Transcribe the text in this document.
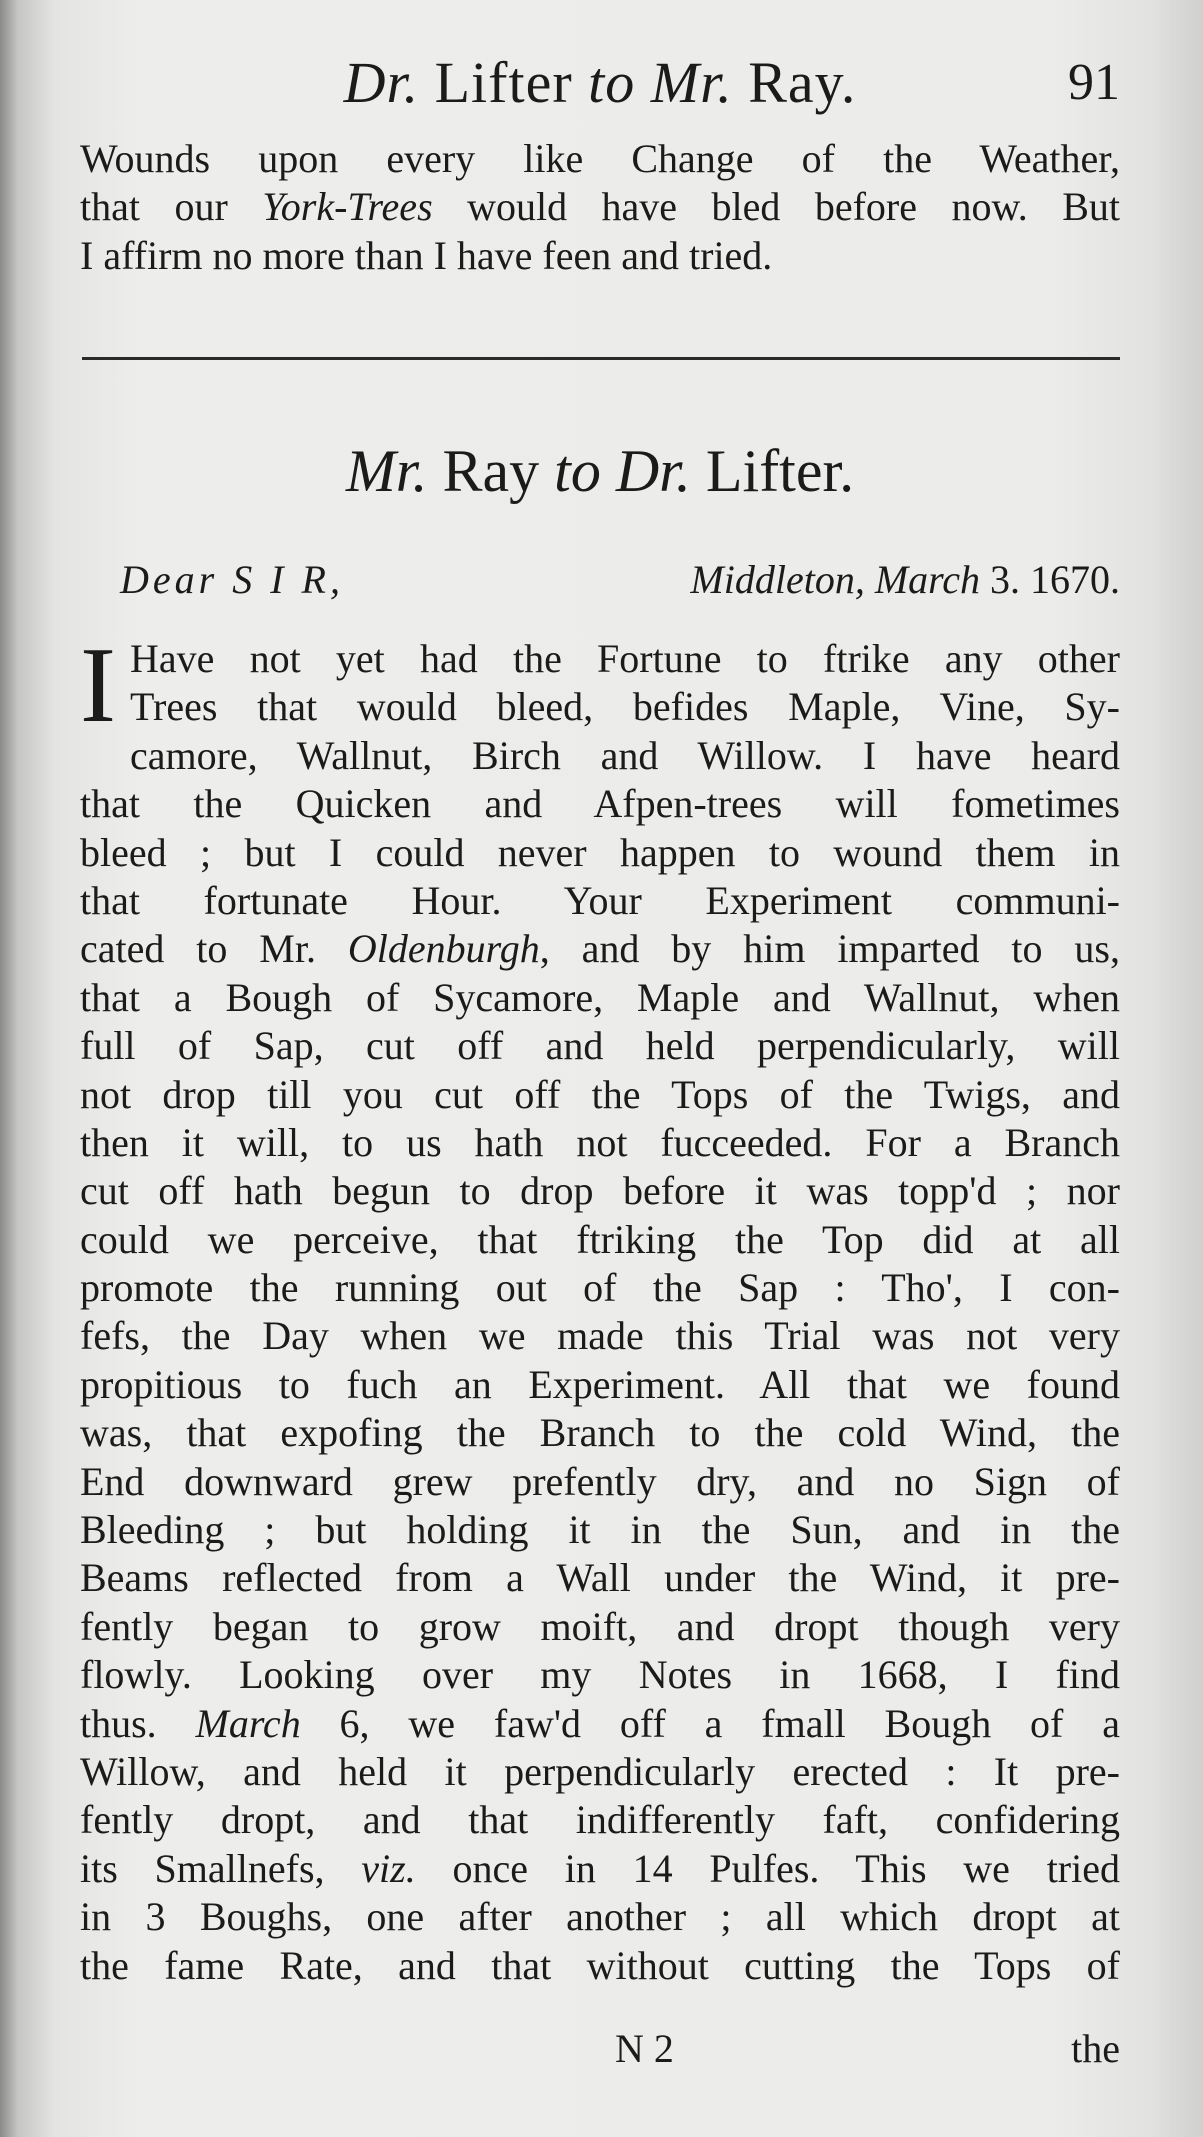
Dr. Lifter to Mr. Ray.	91
Wounds upon every like Change of the Weather,
that our York-Trees would have bled before now. But
I affirm no more than I have feen and tried.
Mr. Ray to Dr. Lifter.
Dear S I R,	Middleton, March 3. 1670.
I Have not yet had the Fortune to ftrike any other
Trees that would bleed, befides Maple, Vine, Sy-
camore, Wallnut, Birch and Willow. I have heard
that the Quicken and Afpen-trees will fometimes
bleed ; but I could never happen to wound them in
that fortunate Hour. Your Experiment communi-
cated to Mr. Oldenburgh, and by him imparted to us,
that a Bough of Sycamore, Maple and Wallnut, when
full of Sap, cut off and held perpendicularly, will
not drop till you cut off the Tops of the Twigs, and
then it will, to us hath not fucceeded. For a Branch
cut off hath begun to drop before it was topp'd ; nor
could we perceive, that ftriking the Top did at all
promote the running out of the Sap : Tho', I con-
fefs, the Day when we made this Trial was not very
propitious to fuch an Experiment. All that we found
was, that expofing the Branch to the cold Wind, the
End downward grew prefently dry, and no Sign of
Bleeding ; but holding it in the Sun, and in the
Beams reflected from a Wall under the Wind, it pre-
fently began to grow moift, and dropt though very
flowly. Looking over my Notes in 1668, I find
thus. March 6, we faw'd off a fmall Bough of a
Willow, and held it perpendicularly erected : It pre-
fently dropt, and that indifferently faft, confidering
its Smallnefs, viz. once in 14 Pulfes. This we tried
in 3 Boughs, one after another ; all which dropt at
the fame Rate, and that without cutting the Tops of
N 2	the
